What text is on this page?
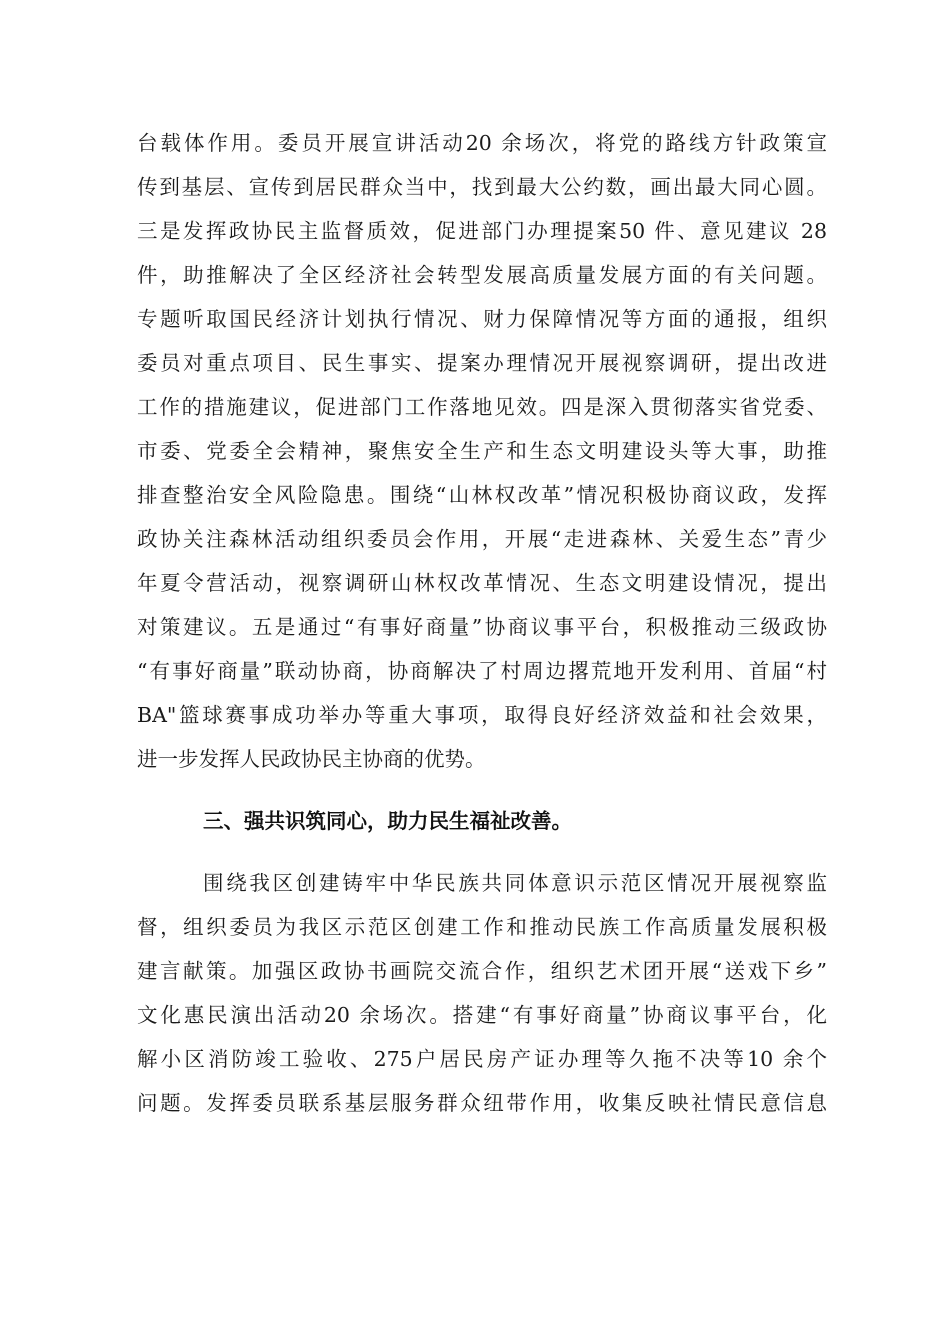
台载体作用。委员开展宣讲活动20 余场次，将党的路线方针政策宣
传到基层、宣传到居民群众当中，找到最大公约数，画出最大同心圆。
三是发挥政协民主监督质效，促进部门办理提案50 件、意见建议 28
件，助推解决了全区经济社会转型发展高质量发展方面的有关问题。
专题听取国民经济计划执行情况、财力保障情况等方面的通报，组织
委员对重点项目、民生事实、提案办理情况开展视察调研，提出改进
工作的措施建议，促进部门工作落地见效。四是深入贯彻落实省党委、
市委、党委全会精神，聚焦安全生产和生态文明建设头等大事，助推
排查整治安全风险隐患。围绕“山林权改革”情况积极协商议政，发挥
政协关注森林活动组织委员会作用，开展“走进森林、关爱生态”青少
年夏令营活动，视察调研山林权改革情况、生态文明建设情况，提出
对策建议。五是通过“有事好商量”协商议事平台，积极推动三级政协
“有事好商量”联动协商，协商解决了村周边撂荒地开发利用、首届“村
BA"篮球赛事成功举办等重大事项，取得良好经济效益和社会效果，
进一步发挥人民政协民主协商的优势。
三、强共识筑同心，助力民生福祉改善。
围绕我区创建铸牢中华民族共同体意识示范区情况开展视察监
督，组织委员为我区示范区创建工作和推动民族工作高质量发展积极
建言献策。加强区政协书画院交流合作，组织艺术团开展“送戏下乡”
文化惠民演出活动20 余场次。搭建“有事好商量”协商议事平台，化
解小区消防竣工验收、275户居民房产证办理等久拖不决等10 余个
问题。发挥委员联系基层服务群众纽带作用，收集反映社情民意信息
